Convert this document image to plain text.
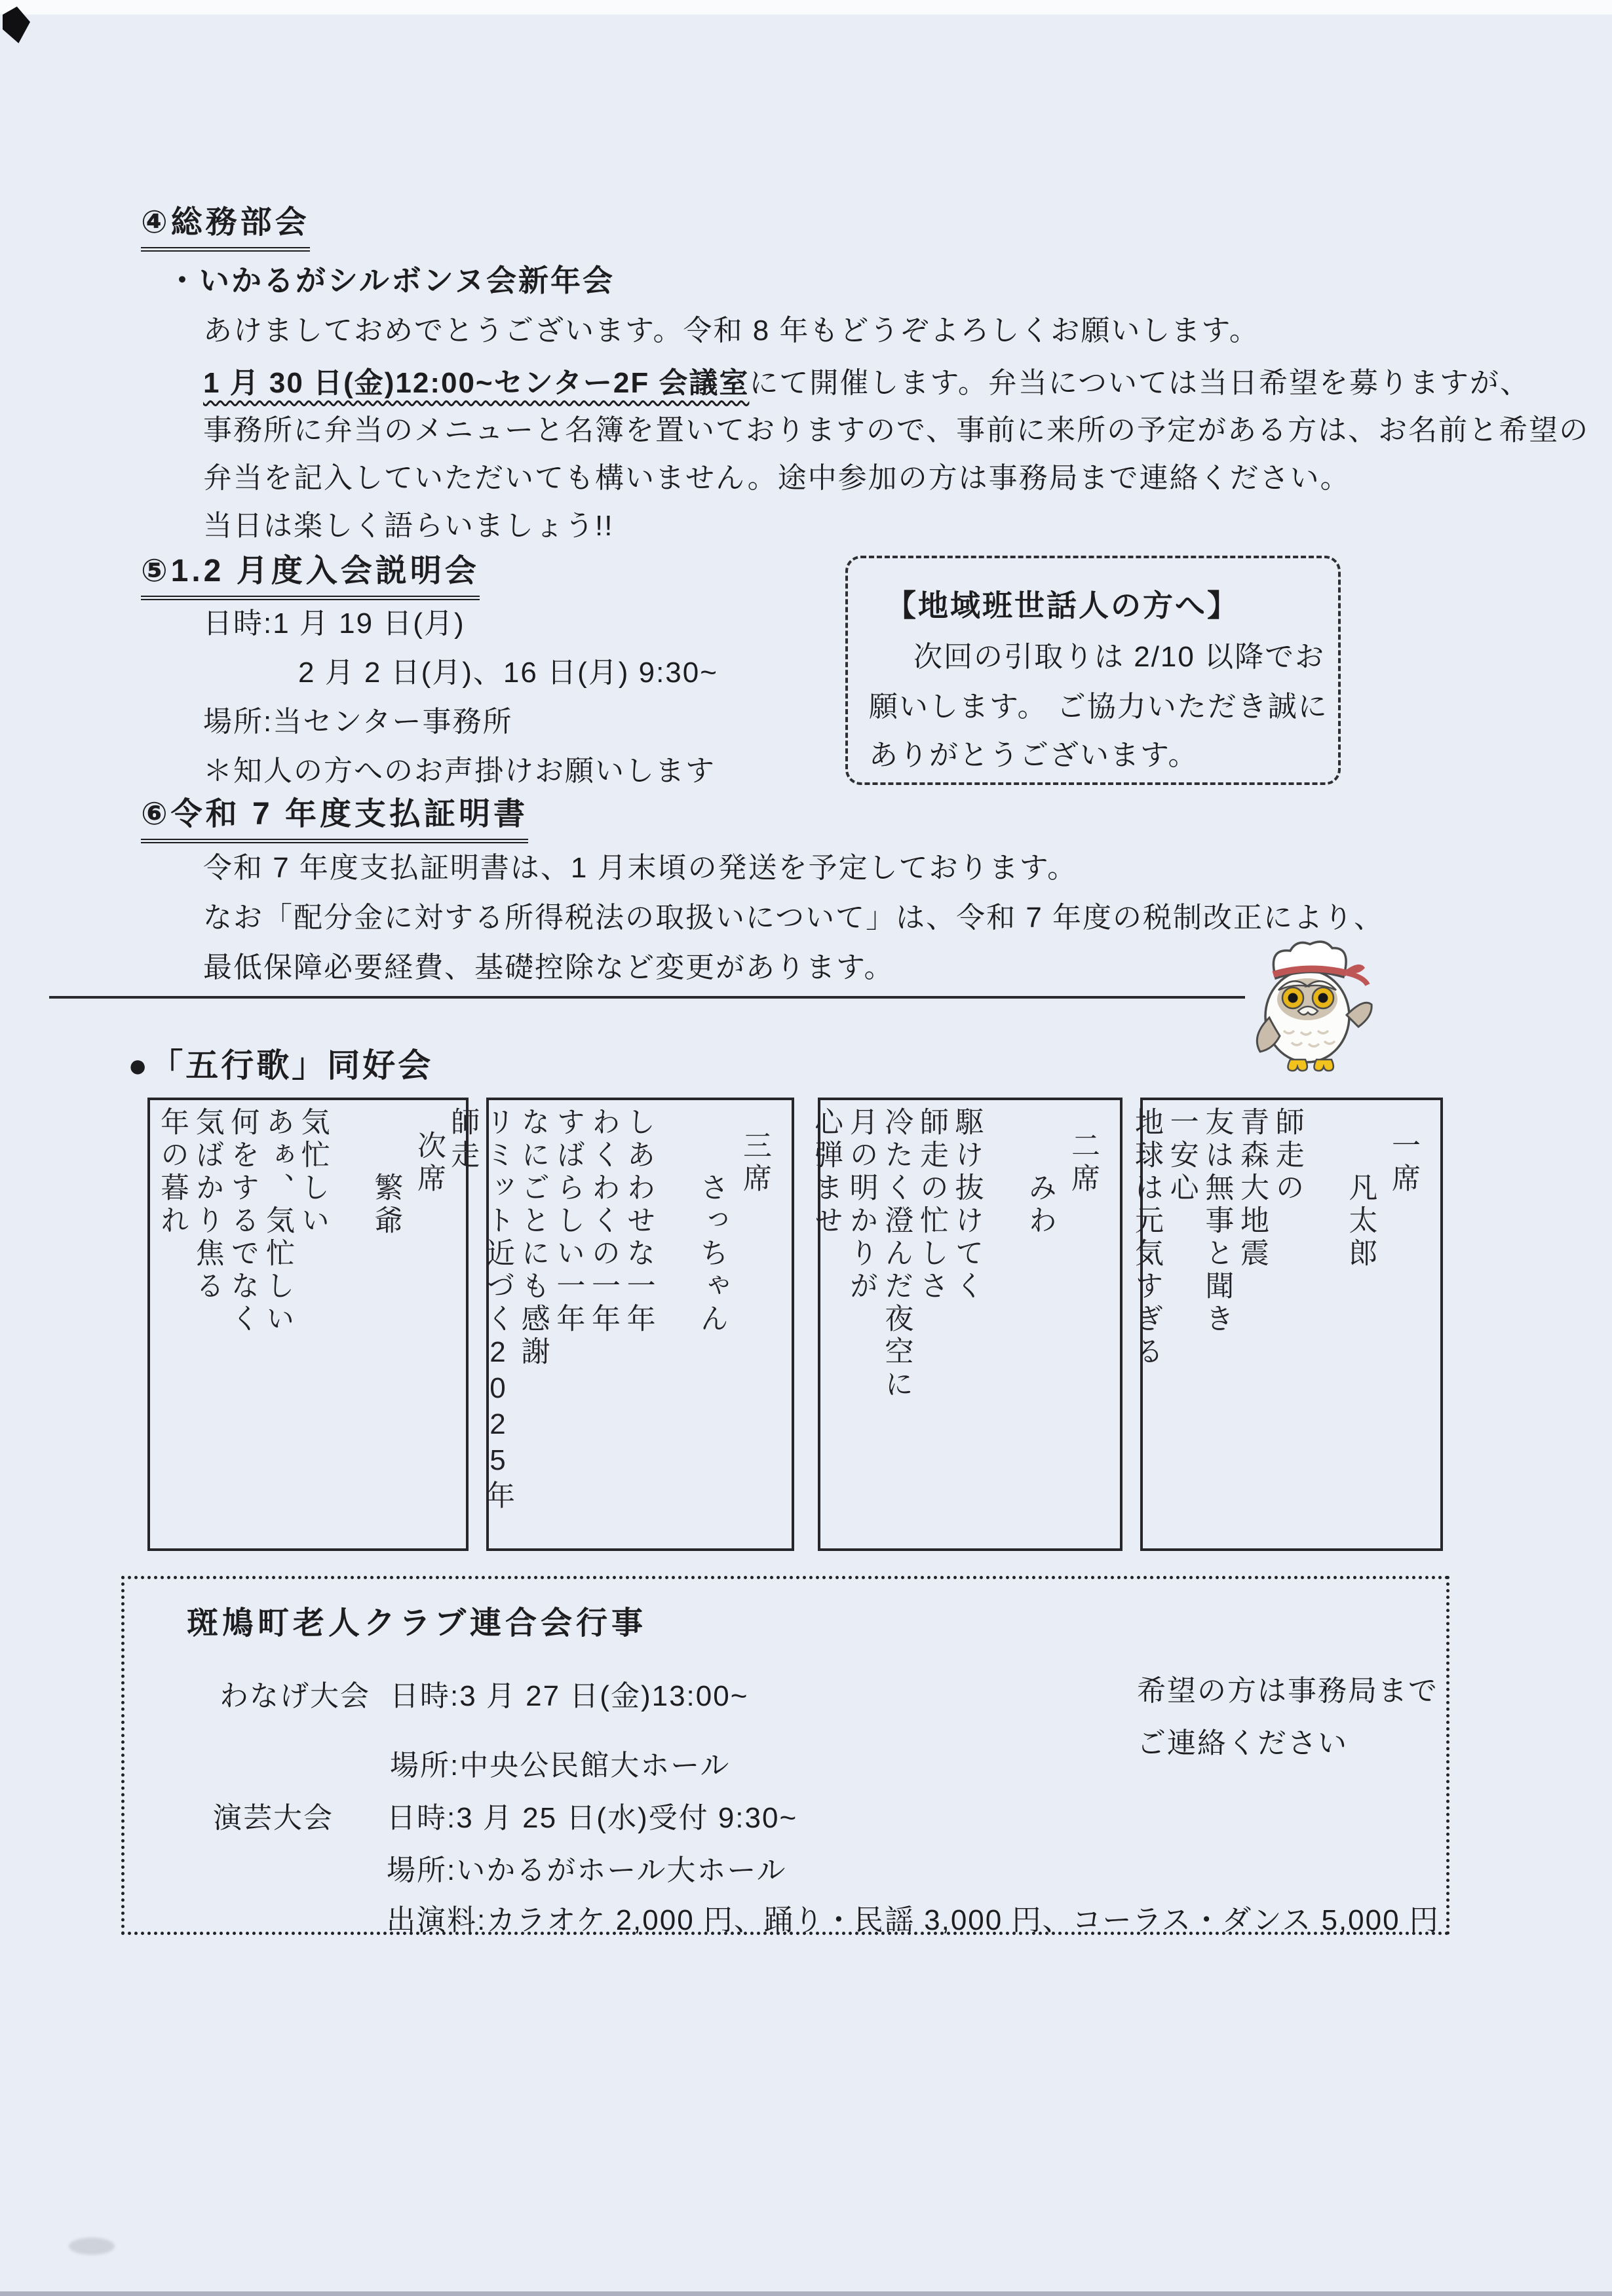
④総務部会
・いかるがシルボンヌ会新年会
あけましておめでとうございます。令和 8 年もどうぞよろしくお願いします。
1 月 30 日(金)12:00~センター2F 会議室にて開催します。弁当については当日希望を募りますが、
事務所に弁当のメニューと名簿を置いておりますので、事前に来所の予定がある方は、お名前と希望の
弁当を記入していただいても構いません。途中参加の方は事務局まで連絡ください。
当日は楽しく語らいましょう!!
⑤1.2 月度入会説明会
日時:1 月 19 日(月)
2 月 2 日(月)、16 日(月) 9:30~
場所:当センター事務所
＊知人の方へのお声掛けお願いします
【地域班世話人の方へ】
次回の引取りは 2/10 以降でお
願いします。 ご協力いただき誠に
ありがとうございます。
⑥令和 7 年度支払証明書
令和 7 年度支払証明書は、1 月末頃の発送を予定しております。
なお「配分金に対する所得税法の取扱いについて」は、令和 7 年度の税制改正により、
最低保障必要経費、基礎控除など変更があります。
●「五行歌」同好会
次席
繁爺
気忙しい
あぁ、気忙しい
何をするでなく
気ばかり焦る
年の暮れ	三席
さっちゃん
しあわせな一年
わくわくの一年
すばらしい一年
なにごとにも感謝
リミット近づく2025年師走	二席
みわ
駆け抜けてく
師走の忙しさ
冷たく澄んだ夜空に
月の明かりが
心弾ませ	一席
凡太郎
師走の
青森大地震
友は無事と聞き
一安心
地球は元気すぎる
斑鳩町老人クラブ連合会行事
わなげ大会 日時:3 月 27 日(金)13:00~	希望の方は事務局まで
ご連絡ください
場所:中央公民館大ホール
演芸大会 日時:3 月 25 日(水)受付 9:30~
場所:いかるがホール大ホール
出演料:カラオケ 2,000 円、踊り・民謡 3,000 円、コーラス・ダンス 5,000 円
